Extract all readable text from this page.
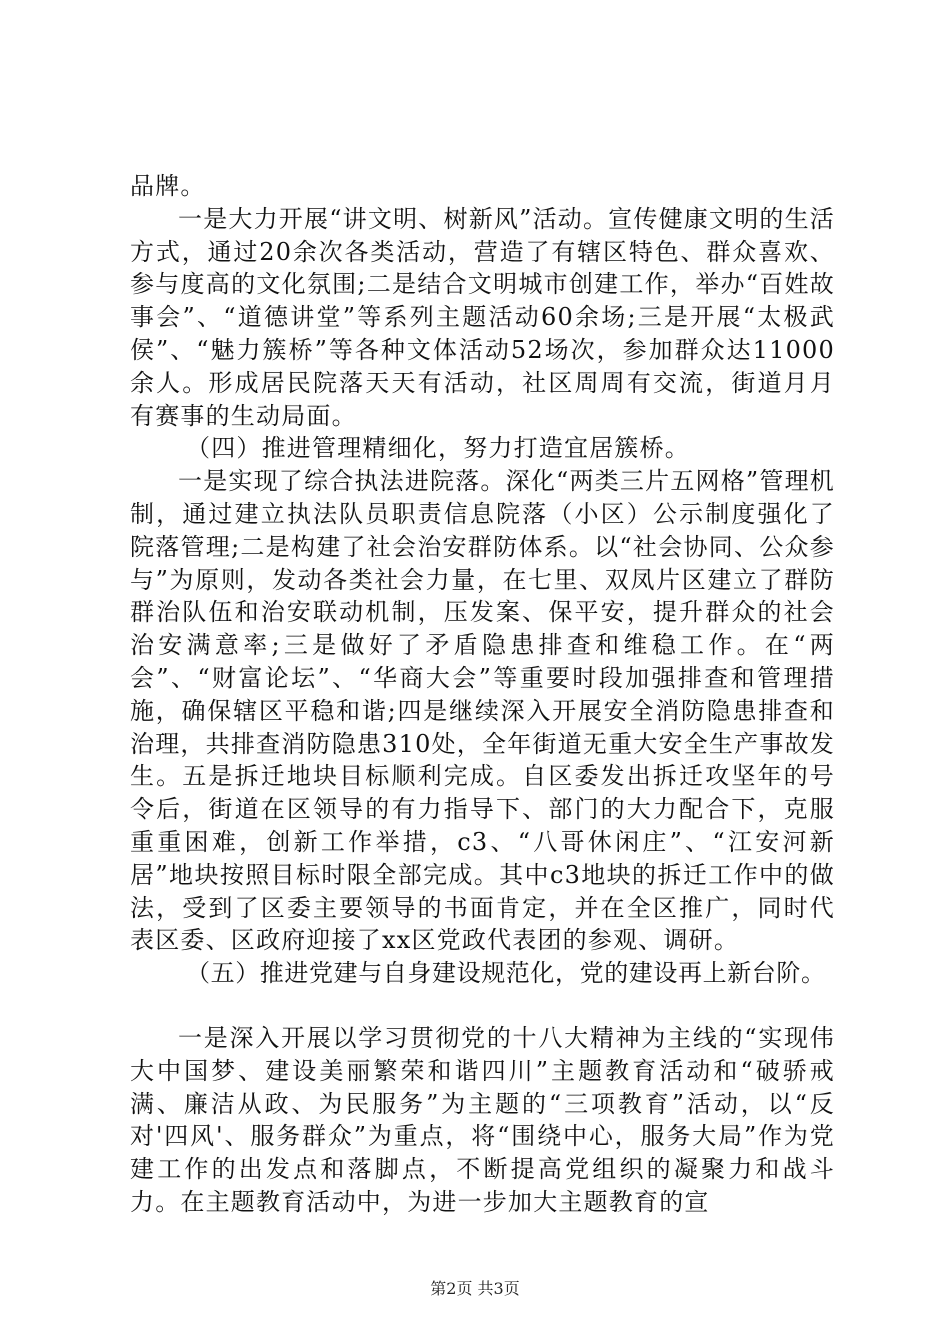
品牌。

一是大力开展“讲文明、树新风”活动。宣传健康文明的生活方式，通过20余次各类活动，营造了有辖区特色、群众喜欢、参与度高的文化氛围;二是结合文明城市创建工作，举办“百姓故事会”、“道德讲堂”等系列主题活动60余场;三是开展“太极武侯”、“魅力簇桥”等各种文体活动52场次，参加群众达11000余人。形成居民院落天天有活动，社区周周有交流，街道月月有赛事的生动局面。

（四）推进管理精细化，努力打造宜居簇桥。

一是实现了综合执法进院落。深化“两类三片五网格”管理机制，通过建立执法队员职责信息院落（小区）公示制度强化了院落管理;二是构建了社会治安群防体系。以“社会协同、公众参与”为原则，发动各类社会力量，在七里、双凤片区建立了群防群治队伍和治安联动机制，压发案、保平安，提升群众的社会治安满意率;三是做好了矛盾隐患排查和维稳工作。在“两会”、“财富论坛”、“华商大会”等重要时段加强排查和管理措施，确保辖区平稳和谐;四是继续深入开展安全消防隐患排查和治理，共排查消防隐患310处，全年街道无重大安全生产事故发生。五是拆迁地块目标顺利完成。自区委发出拆迁攻坚年的号令后，街道在区领导的有力指导下、部门的大力配合下，克服重重困难，创新工作举措，c3、“八哥休闲庄”、“江安河新居”地块按照目标时限全部完成。其中c3地块的拆迁工作中的做法，受到了区委主要领导的书面肯定，并在全区推广，同时代表区委、区政府迎接了xx区党政代表团的参观、调研。

（五）推进党建与自身建设规范化，党的建设再上新台阶。

一是深入开展以学习贯彻党的十八大精神为主线的“实现伟大中国梦、建设美丽繁荣和谐四川”主题教育活动和“破骄戒满、廉洁从政、为民服务”为主题的“三项教育”活动，以“反对'四风'、服务群众”为重点，将“围绕中心，服务大局”作为党建工作的出发点和落脚点，不断提高党组织的凝聚力和战斗力。在主题教育活动中，为进一步加大主题教育的宣

第2页 共3页
